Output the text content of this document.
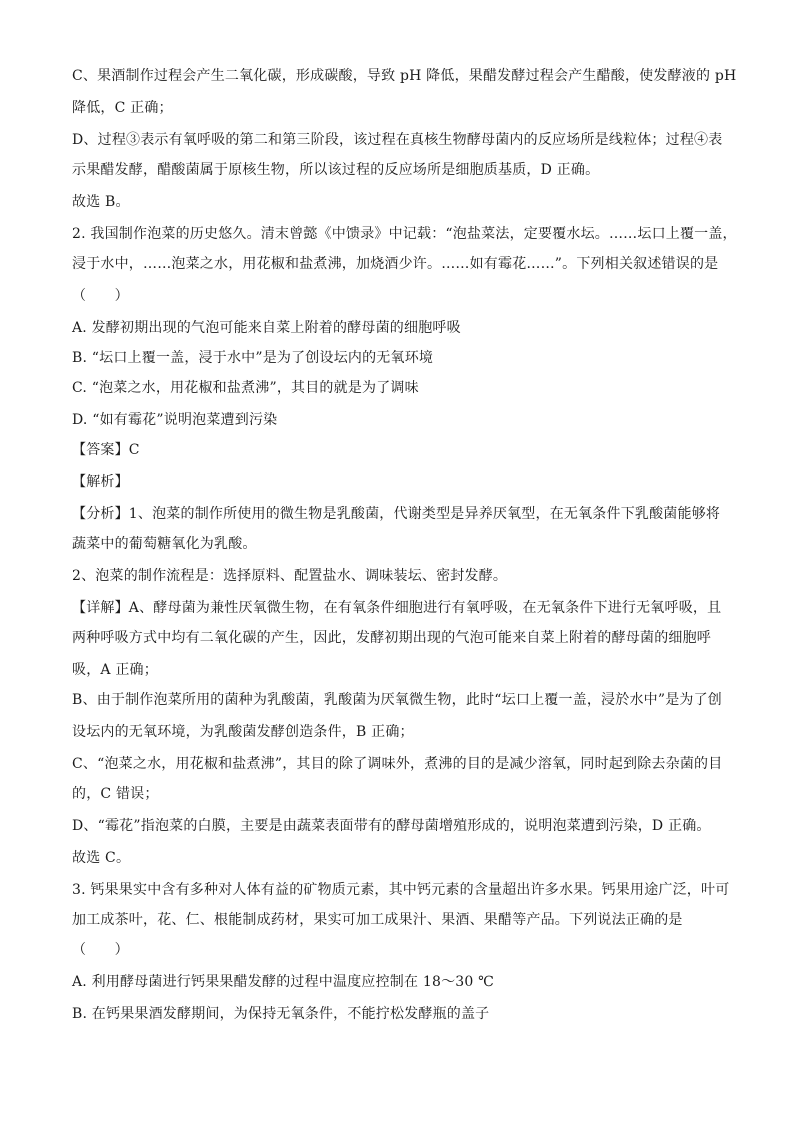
C、果酒制作过程会产生二氧化碳，形成碳酸，导致 pH 降低，果醋发酵过程会产生醋酸，使发酵液的 pH
降低，C 正确；
D、过程③表示有氧呼吸的第二和第三阶段，该过程在真核生物酵母菌内的反应场所是线粒体；过程④表
示果醋发酵，醋酸菌属于原核生物，所以该过程的反应场所是细胞质基质，D 正确。
故选 B。
2. 我国制作泡菜的历史悠久。清末曾懿《中馈录》中记载：“泡盐菜法，定要覆水坛。……坛口上覆一盖，
浸于水中，……泡菜之水，用花椒和盐煮沸，加烧酒少许。……如有霉花……”。下列相关叙述错误的是
（　　）
A. 发酵初期出现的气泡可能来自菜上附着的酵母菌的细胞呼吸
B. “坛口上覆一盖，浸于水中”是为了创设坛内的无氧环境
C. “泡菜之水，用花椒和盐煮沸”，其目的就是为了调味
D. “如有霉花”说明泡菜遭到污染
【答案】C
【解析】
【分析】1、泡菜的制作所使用的微生物是乳酸菌，代谢类型是异养厌氧型，在无氧条件下乳酸菌能够将
蔬菜中的葡萄糖氧化为乳酸。
2、泡菜的制作流程是：选择原料、配置盐水、调味装坛、密封发酵。
【详解】A、酵母菌为兼性厌氧微生物，在有氧条件细胞进行有氧呼吸，在无氧条件下进行无氧呼吸，且
两种呼吸方式中均有二氧化碳的产生，因此，发酵初期出现的气泡可能来自菜上附着的酵母菌的细胞呼
吸，A 正确；
B、由于制作泡菜所用的菌种为乳酸菌，乳酸菌为厌氧微生物，此时“坛口上覆一盖，浸於水中”是为了创
设坛内的无氧环境，为乳酸菌发酵创造条件，B 正确；
C、“泡菜之水，用花椒和盐煮沸”，其目的除了调味外，煮沸的目的是减少溶氧，同时起到除去杂菌的目
的，C 错误；
D、“霉花”指泡菜的白膜，主要是由蔬菜表面带有的酵母菌增殖形成的，说明泡菜遭到污染，D 正确。
故选 C。
3. 钙果果实中含有多种对人体有益的矿物质元素，其中钙元素的含量超出许多水果。钙果用途广泛，叶可
加工成茶叶，花、仁、根能制成药材，果实可加工成果汁、果酒、果醋等产品。下列说法正确的是
（　　）
A. 利用酵母菌进行钙果果醋发酵的过程中温度应控制在 18～30 ℃
B. 在钙果果酒发酵期间，为保持无氧条件，不能拧松发酵瓶的盖子
